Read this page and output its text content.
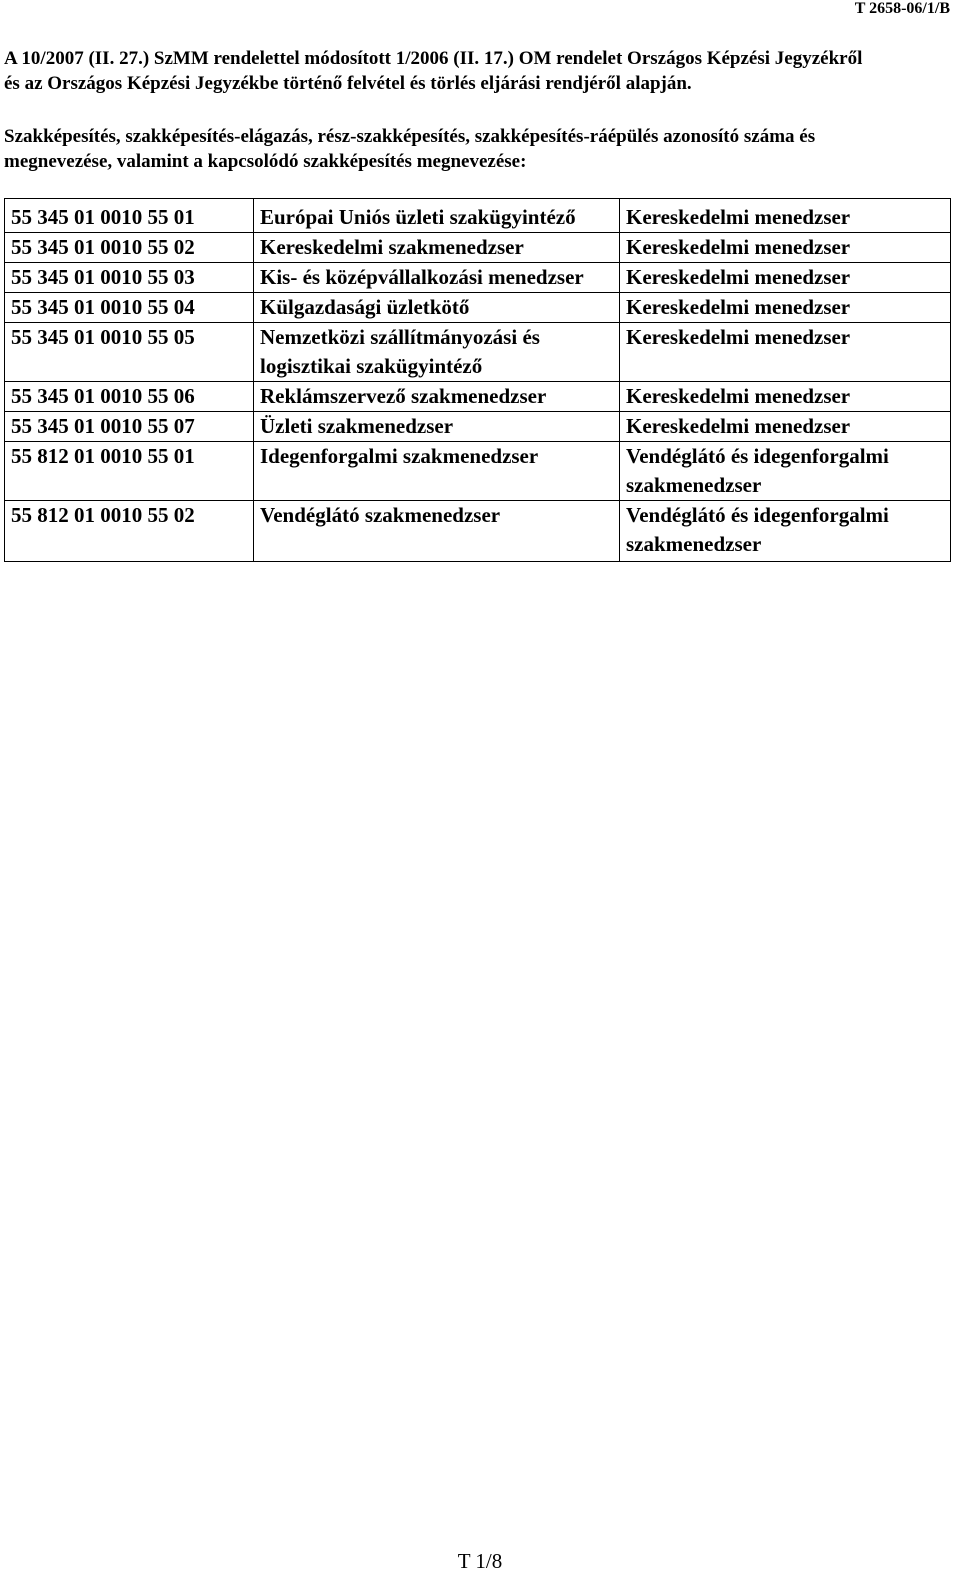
T 2658-06/1/B
A 10/2007 (II. 27.) SzMM rendelettel módosított 1/2006 (II. 17.) OM rendelet Országos Képzési Jegyzékről
és az Országos Képzési Jegyzékbe történő felvétel és törlés eljárási rendjéről alapján.
Szakképesítés, szakképesítés-elágazás, rész-szakképesítés, szakképesítés-ráépülés azonosító száma és
megnevezése, valamint a kapcsolódó szakképesítés megnevezése:
55 345 01 0010 55 01	Európai Uniós üzleti szakügyintéző	Kereskedelmi menedzser
55 345 01 0010 55 02	Kereskedelmi szakmenedzser	Kereskedelmi menedzser
55 345 01 0010 55 03	Kis- és középvállalkozási menedzser	Kereskedelmi menedzser
55 345 01 0010 55 04	Külgazdasági üzletkötő	Kereskedelmi menedzser
55 345 01 0010 55 05	Nemzetközi szállítmányozási és logisztikai szakügyintéző	Kereskedelmi menedzser
55 345 01 0010 55 06	Reklámszervező szakmenedzser	Kereskedelmi menedzser
55 345 01 0010 55 07	Üzleti szakmenedzser	Kereskedelmi menedzser
55 812 01 0010 55 01	Idegenforgalmi szakmenedzser	Vendéglátó és idegenforgalmi szakmenedzser
55 812 01 0010 55 02	Vendéglátó szakmenedzser	Vendéglátó és idegenforgalmi szakmenedzser
T 1/8
